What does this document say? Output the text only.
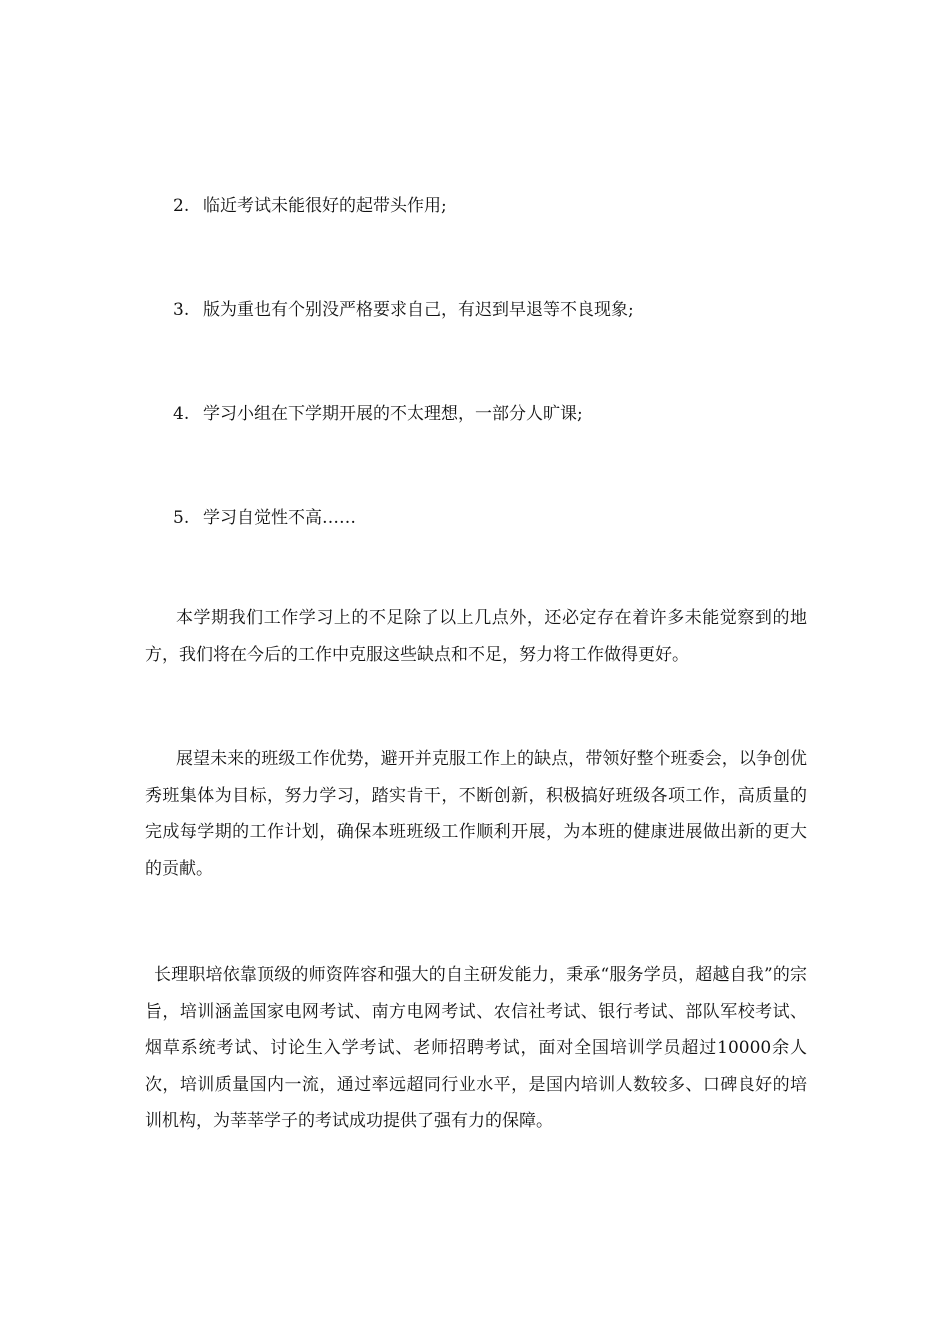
2. 临近考试未能很好的起带头作用;
3. 版为重也有个别没严格要求自己，有迟到早退等不良现象;
4. 学习小组在下学期开展的不太理想，一部分人旷课;
5. 学习自觉性不高……

本学期我们工作学习上的不足除了以上几点外，还必定存在着许多未能觉察到的地方，我们将在今后的工作中克服这些缺点和不足，努力将工作做得更好。

展望未来的班级工作优势，避开并克服工作上的缺点，带领好整个班委会，以争创优秀班集体为目标，努力学习，踏实肯干，不断创新，积极搞好班级各项工作，高质量的完成每学期的工作计划，确保本班班级工作顺利开展，为本班的健康进展做出新的更大的贡献。

长理职培依靠顶级的师资阵容和强大的自主研发能力，秉承“服务学员，超越自我”的宗旨，培训涵盖国家电网考试、南方电网考试、农信社考试、银行考试、部队军校考试、烟草系统考试、讨论生入学考试、老师招聘考试，面对全国培训学员超过10000余人次，培训质量国内一流，通过率远超同行业水平，是国内培训人数较多、口碑良好的培训机构，为莘莘学子的考试成功提供了强有力的保障。
